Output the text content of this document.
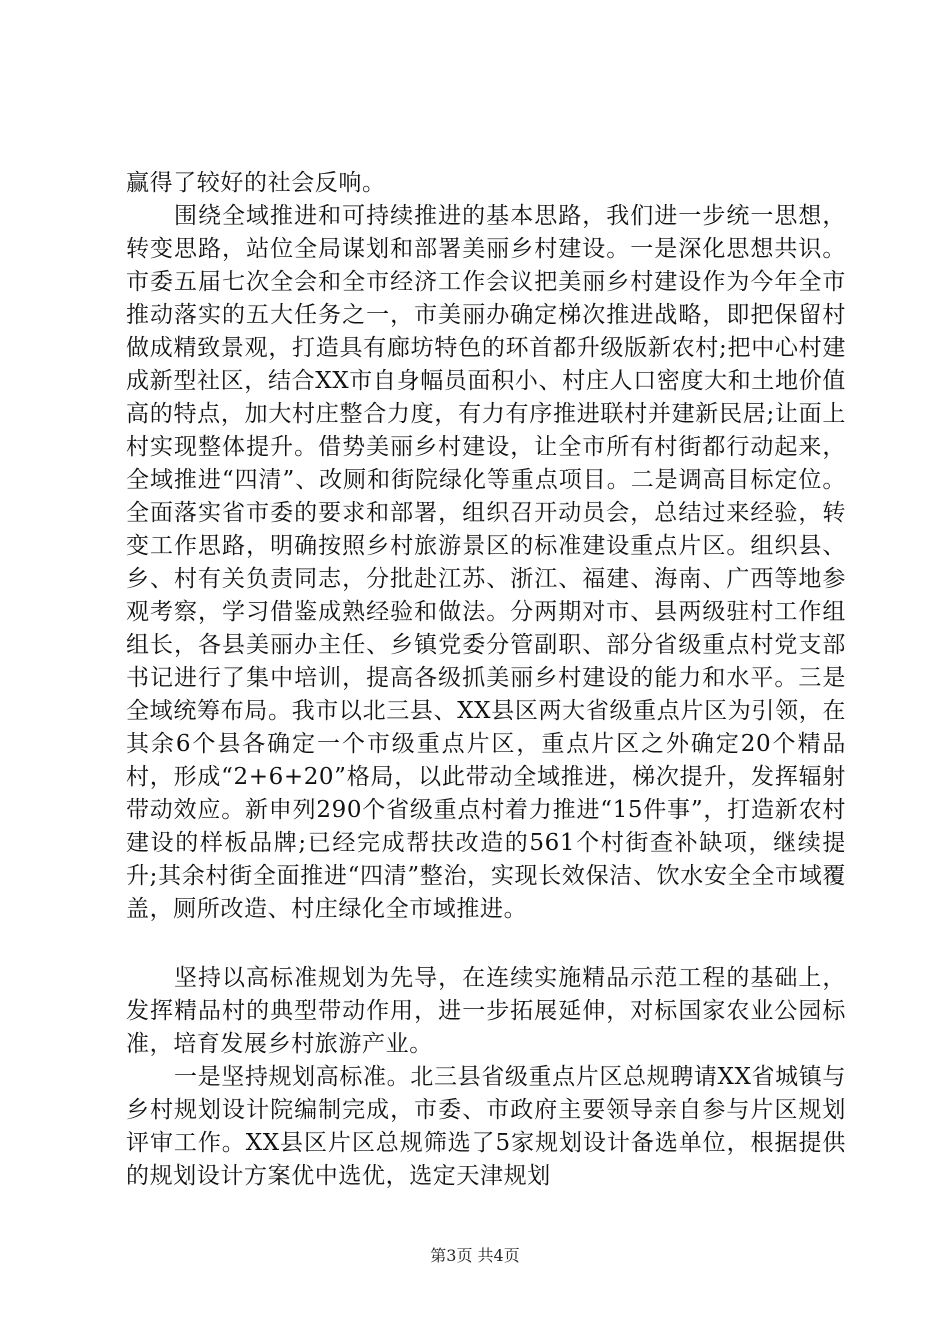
赢得了较好的社会反响。

围绕全域推进和可持续推进的基本思路，我们进一步统一思想，转变思路，站位全局谋划和部署美丽乡村建设。一是深化思想共识。市委五届七次全会和全市经济工作会议把美丽乡村建设作为今年全市推动落实的五大任务之一，市美丽办确定梯次推进战略，即把保留村做成精致景观，打造具有廊坊特色的环首都升级版新农村;把中心村建成新型社区，结合XX市自身幅员面积小、村庄人口密度大和土地价值高的特点，加大村庄整合力度，有力有序推进联村并建新民居;让面上村实现整体提升。借势美丽乡村建设，让全市所有村街都行动起来，全域推进“四清”、改厕和街院绿化等重点项目。二是调高目标定位。全面落实省市委的要求和部署，组织召开动员会，总结过来经验，转变工作思路，明确按照乡村旅游景区的标准建设重点片区。组织县、乡、村有关负责同志，分批赴江苏、浙江、福建、海南、广西等地参观考察，学习借鉴成熟经验和做法。分两期对市、县两级驻村工作组组长，各县美丽办主任、乡镇党委分管副职、部分省级重点村党支部书记进行了集中培训，提高各级抓美丽乡村建设的能力和水平。三是全域统筹布局。我市以北三县、XX县区两大省级重点片区为引领，在其余6个县各确定一个市级重点片区，重点片区之外确定20个精品村，形成“2+6+20”格局，以此带动全域推进，梯次提升，发挥辐射带动效应。新申列290个省级重点村着力推进“15件事”，打造新农村建设的样板品牌;已经完成帮扶改造的561个村街查补缺项，继续提升;其余村街全面推进“四清”整治，实现长效保洁、饮水安全全市域覆盖，厕所改造、村庄绿化全市域推进。

坚持以高标准规划为先导，在连续实施精品示范工程的基础上，发挥精品村的典型带动作用，进一步拓展延伸，对标国家农业公园标准，培育发展乡村旅游产业。

一是坚持规划高标准。北三县省级重点片区总规聘请XX省城镇与乡村规划设计院编制完成，市委、市政府主要领导亲自参与片区规划评审工作。XX县区片区总规筛选了5家规划设计备选单位，根据提供的规划设计方案优中选优，选定天津规划

第3页 共4页
